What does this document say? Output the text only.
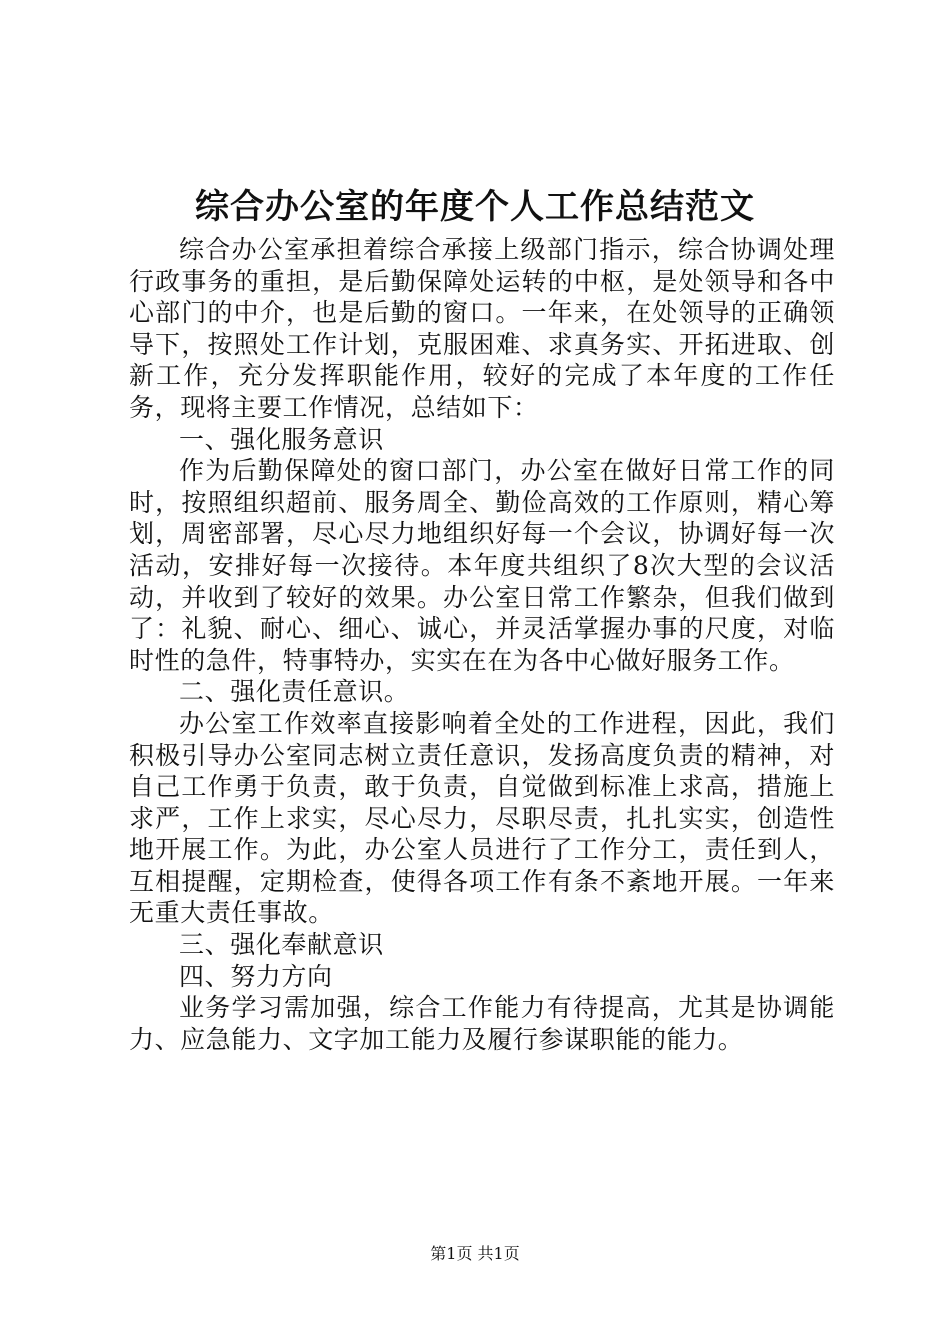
综合办公室的年度个人工作总结范文

综合办公室承担着综合承接上级部门指示，综合协调处理行政事务的重担，是后勤保障处运转的中枢，是处领导和各中心部门的中介，也是后勤的窗口。一年来，在处领导的正确领导下，按照处工作计划，克服困难、求真务实、开拓进取、创新工作，充分发挥职能作用，较好的完成了本年度的工作任务，现将主要工作情况，总结如下：

一、强化服务意识

作为后勤保障处的窗口部门，办公室在做好日常工作的同时，按照组织超前、服务周全、勤俭高效的工作原则，精心筹划，周密部署，尽心尽力地组织好每一个会议，协调好每一次活动，安排好每一次接待。本年度共组织了8次大型的会议活动，并收到了较好的效果。办公室日常工作繁杂，但我们做到了：礼貌、耐心、细心、诚心，并灵活掌握办事的尺度，对临时性的急件，特事特办，实实在在为各中心做好服务工作。

二、强化责任意识。

办公室工作效率直接影响着全处的工作进程，因此，我们积极引导办公室同志树立责任意识，发扬高度负责的精神，对自己工作勇于负责，敢于负责，自觉做到标准上求高，措施上求严，工作上求实，尽心尽力，尽职尽责，扎扎实实，创造性地开展工作。为此，办公室人员进行了工作分工，责任到人，互相提醒，定期检查，使得各项工作有条不紊地开展。一年来无重大责任事故。

三、强化奉献意识

四、努力方向

业务学习需加强，综合工作能力有待提高，尤其是协调能力、应急能力、文字加工能力及履行参谋职能的能力。

第1页 共1页
